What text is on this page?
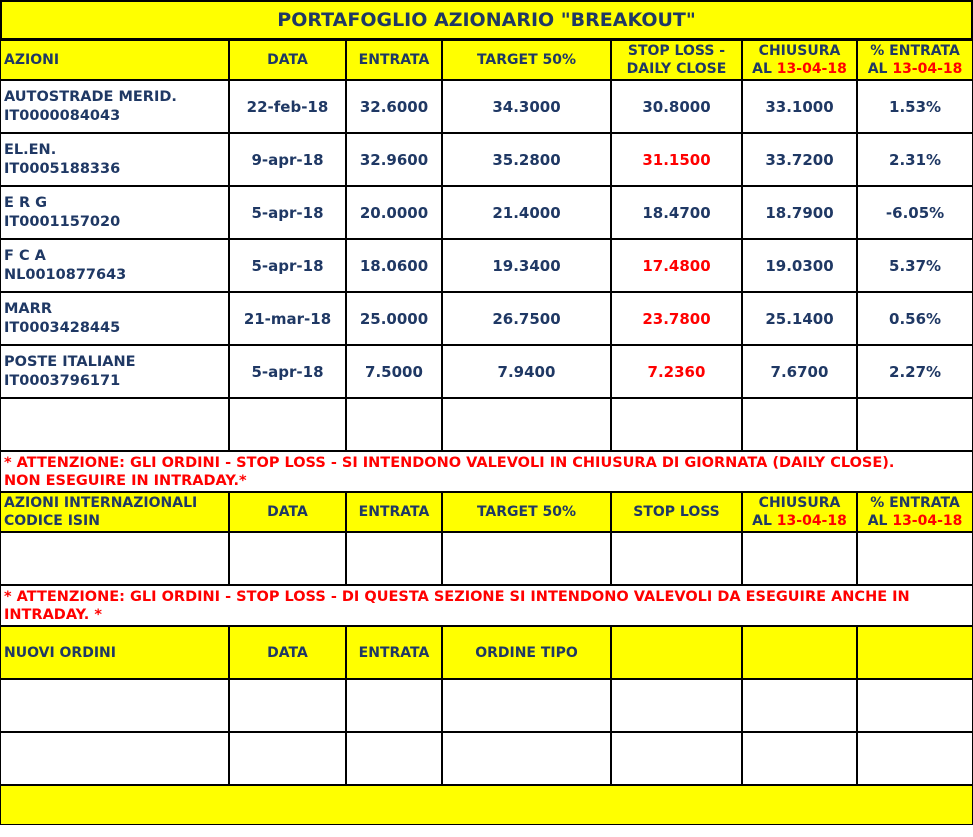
PORTAFOGLIO AZIONARIO "BREAKOUT"						
AZIONI	DATA	ENTRATA	TARGET 50%	STOP LOSS -
DAILY CLOSE	CHIUSURA
AL 13-04-18	% ENTRATA
AL 13-04-18
AUTOSTRADE MERID.
IT0000084043	22-feb-18	32.6000	34.3000	30.8000	33.1000	1.53%
EL.EN.
IT0005188336	9-apr-18	32.9600	35.2800	31.1500	33.7200	2.31%
E R G
IT0001157020	5-apr-18	20.0000	21.4000	18.4700	18.7900	-6.05%
F C A
NL0010877643	5-apr-18	18.0600	19.3400	17.4800	19.0300	5.37%
MARR
IT0003428445	21-mar-18	25.0000	26.7500	23.7800	25.1400	0.56%
POSTE ITALIANE
IT0003796171	5-apr-18	7.5000	7.9400	7.2360	7.6700	2.27%

* ATTENZIONE: GLI ORDINI - STOP LOSS - SI INTENDONO VALEVOLI IN CHIUSURA DI GIORNATA (DAILY CLOSE).
NON ESEGUIRE IN INTRADAY.*						
AZIONI INTERNAZIONALI
CODICE ISIN	DATA	ENTRATA	TARGET 50%	STOP LOSS	CHIUSURA
AL 13-04-18	% ENTRATA
AL 13-04-18

* ATTENZIONE: GLI ORDINI - STOP LOSS - DI QUESTA SEZIONE SI INTENDONO VALEVOLI DA ESEGUIRE ANCHE IN
INTRADAY. *						
NUOVI ORDINI	DATA	ENTRATA	ORDINE TIPO			
